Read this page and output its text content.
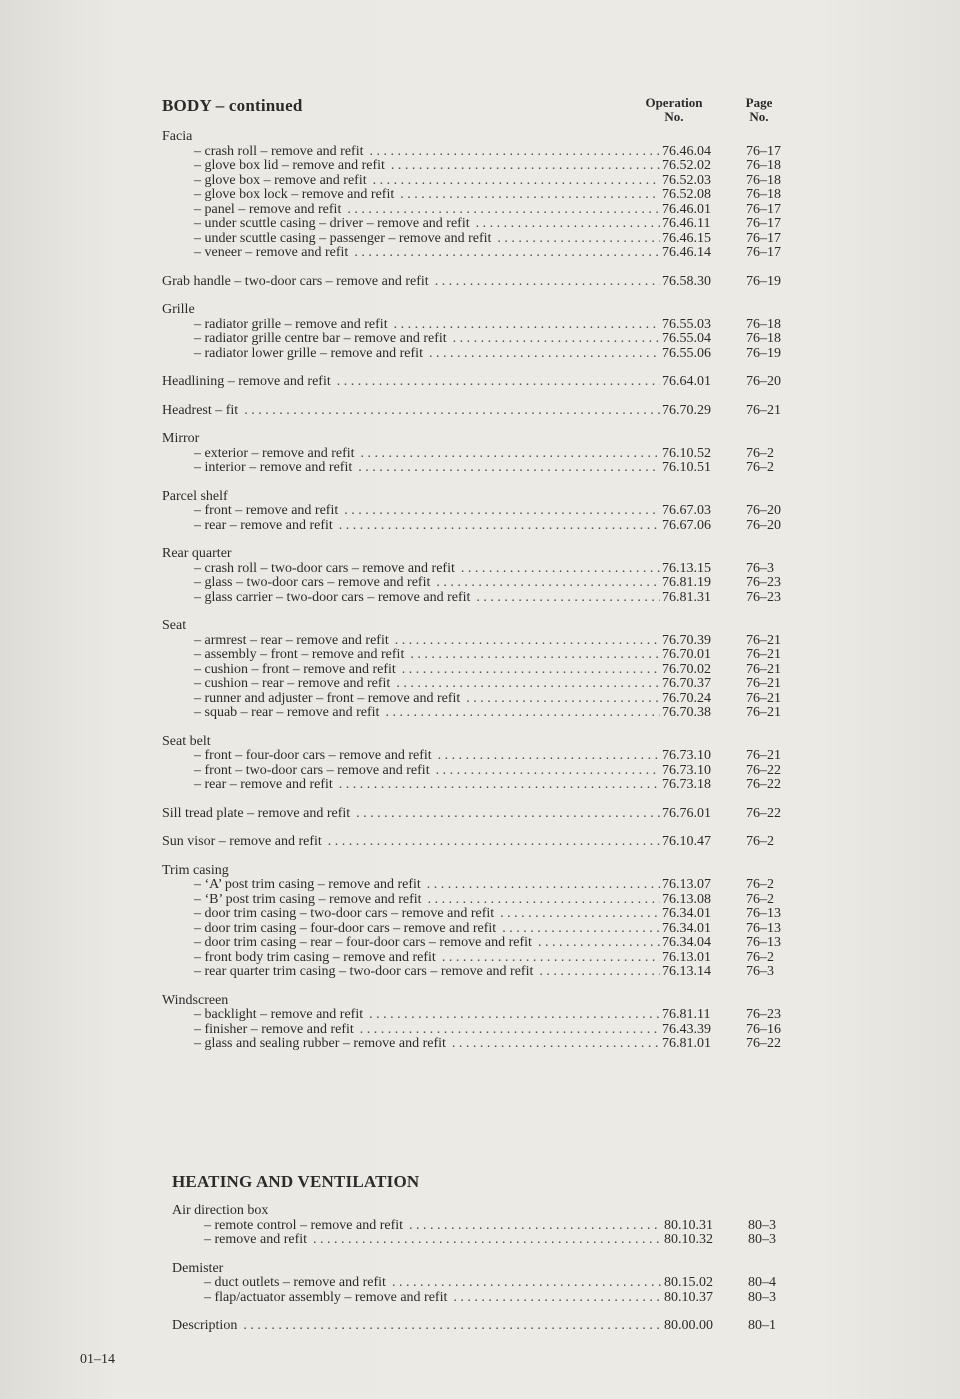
BODY – continued	Operation
No.
Page
No.
Facia
– crash roll – remove and refit . . .	76.46.04	76–17
– glove box lid – remove and refit . . .	76.52.02	76–18
– glove box – remove and refit . . .	76.52.03	76–18
– glove box lock – remove and refit . . .	76.52.08	76–18
– panel – remove and refit . . .	76.46.01	76–17
– under scuttle casing – driver – remove and refit . . .	76.46.11	76–17
– under scuttle casing – passenger – remove and refit . . .	76.46.15	76–17
– veneer – remove and refit . . .	76.46.14	76–17
Grab handle – two-door cars – remove and refit . . .	76.58.30	76–19
Grille
– radiator grille – remove and refit . . .	76.55.03	76–18
– radiator grille centre bar – remove and refit . . .	76.55.04	76–18
– radiator lower grille – remove and refit . . .	76.55.06	76–19
Headlining – remove and refit . . .	76.64.01	76–20
Headrest – fit . . .	76.70.29	76–21
Mirror
– exterior – remove and refit . . .	76.10.52	76–2
– interior – remove and refit . . .	76.10.51	76–2
Parcel shelf
– front – remove and refit . . .	76.67.03	76–20
– rear – remove and refit . . .	76.67.06	76–20
Rear quarter
– crash roll – two-door cars – remove and refit . . .	76.13.15	76–3
– glass – two-door cars – remove and refit . . .	76.81.19	76–23
– glass carrier – two-door cars – remove and refit . . .	76.81.31	76–23
Seat
– armrest – rear – remove and refit . . .	76.70.39	76–21
– assembly – front – remove and refit . . .	76.70.01	76–21
– cushion – front – remove and refit . . .	76.70.02	76–21
– cushion – rear – remove and refit . . .	76.70.37	76–21
– runner and adjuster – front – remove and refit . . .	76.70.24	76–21
– squab – rear – remove and refit . . .	76.70.38	76–21
Seat belt
– front – four-door cars – remove and refit . . .	76.73.10	76–21
– front – two-door cars – remove and refit . . .	76.73.10	76–22
– rear – remove and refit . . .	76.73.18	76–22
Sill tread plate – remove and refit . . .	76.76.01	76–22
Sun visor – remove and refit . . .	76.10.47	76–2
Trim casing
– ‘A’ post trim casing – remove and refit . . .	76.13.07	76–2
– ‘B’ post trim casing – remove and refit . . .	76.13.08	76–2
– door trim casing – two-door cars – remove and refit . . .	76.34.01	76–13
– door trim casing – four-door cars – remove and refit . . .	76.34.01	76–13
– door trim casing – rear – four-door cars – remove and refit . . .	76.34.04	76–13
– front body trim casing – remove and refit . . .	76.13.01	76–2
– rear quarter trim casing – two-door cars – remove and refit . . .	76.13.14	76–3
Windscreen
– backlight – remove and refit . . .	76.81.11	76–23
– finisher – remove and refit . . .	76.43.39	76–16
– glass and sealing rubber – remove and refit . . .	76.81.01	76–22
HEATING AND VENTILATION
Air direction box
– remote control – remove and refit . . .	80.10.31	80–3
– remove and refit . . .	80.10.32	80–3
Demister
– duct outlets – remove and refit . . .	80.15.02	80–4
– flap/actuator assembly – remove and refit . . .	80.10.37	80–3
Description . . .	80.00.00	80–1
01–14
